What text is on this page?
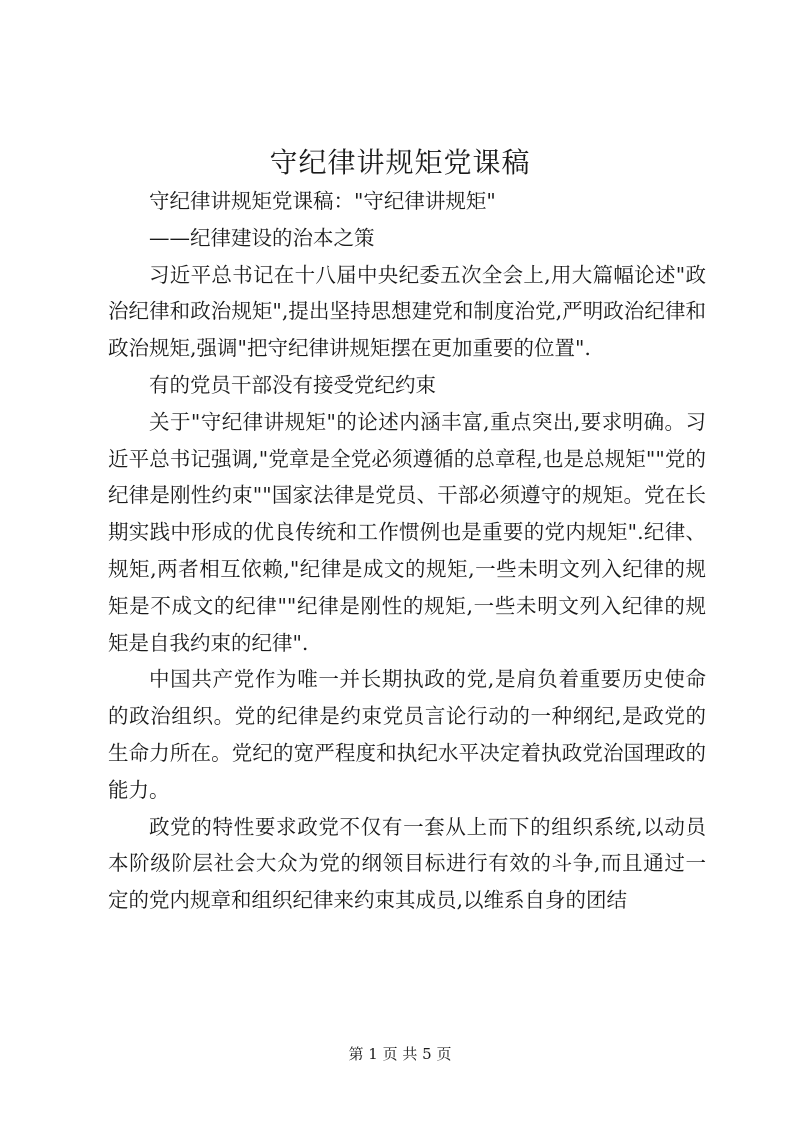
守纪律讲规矩党课稿

守纪律讲规矩党课稿："守纪律讲规矩"

——纪律建设的治本之策

习近平总书记在十八届中央纪委五次全会上,用大篇幅论述"政治纪律和政治规矩",提出坚持思想建党和制度治党,严明政治纪律和政治规矩,强调"把守纪律讲规矩摆在更加重要的位置".

有的党员干部没有接受党纪约束

关于"守纪律讲规矩"的论述内涵丰富,重点突出,要求明确。习近平总书记强调,"党章是全党必须遵循的总章程,也是总规矩""党的纪律是刚性约束""国家法律是党员、干部必须遵守的规矩。党在长期实践中形成的优良传统和工作惯例也是重要的党内规矩".纪律、规矩,两者相互依赖,"纪律是成文的规矩,一些未明文列入纪律的规矩是不成文的纪律""纪律是刚性的规矩,一些未明文列入纪律的规矩是自我约束的纪律".

中国共产党作为唯一并长期执政的党,是肩负着重要历史使命的政治组织。党的纪律是约束党员言论行动的一种纲纪,是政党的生命力所在。党纪的宽严程度和执纪水平决定着执政党治国理政的能力。

政党的特性要求政党不仅有一套从上而下的组织系统,以动员本阶级阶层社会大众为党的纲领目标进行有效的斗争,而且通过一定的党内规章和组织纪律来约束其成员,以维系自身的团结

第 1 页 共 5 页
